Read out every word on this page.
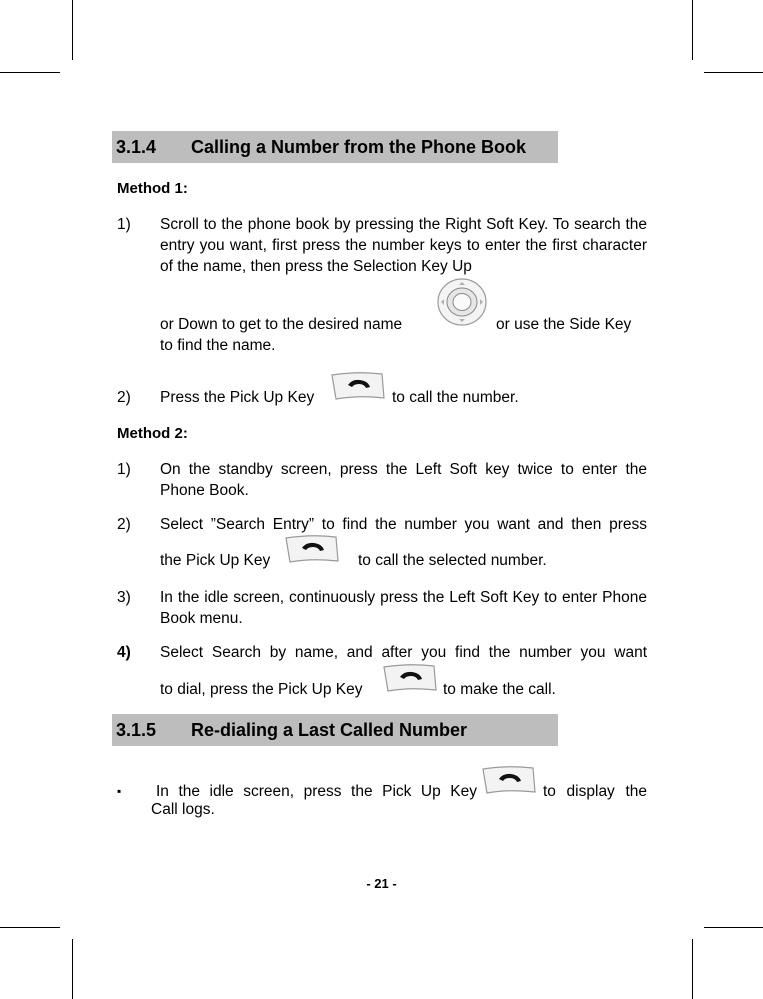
3.1.4 Calling a Number from the Phone Book
Method 1:
1) Scroll to the phone book by pressing the Right Soft Key. To search the entry you want, first press the number keys to enter the first character of the name, then press the Selection Key Up
or Down to get to the desired name	or use the Side Key
to find the name.
2) Press the Pick Up Key	to call the number.
Method 2:
1) On the standby screen, press the Left Soft key twice to enter the Phone Book.
2) Select ”Search Entry” to find the number you want and then press
the Pick Up Key	to call the selected number.
3) In the idle screen, continuously press the Left Soft Key to enter Phone Book menu.
4) Select Search by name, and after you find the number you want
to dial, press the Pick Up Key	to make the call.
3.1.5 Re-dialing a Last Called Number
▪ In the idle screen, press the Pick Up Key	to display the
Call logs.
- 21 -
